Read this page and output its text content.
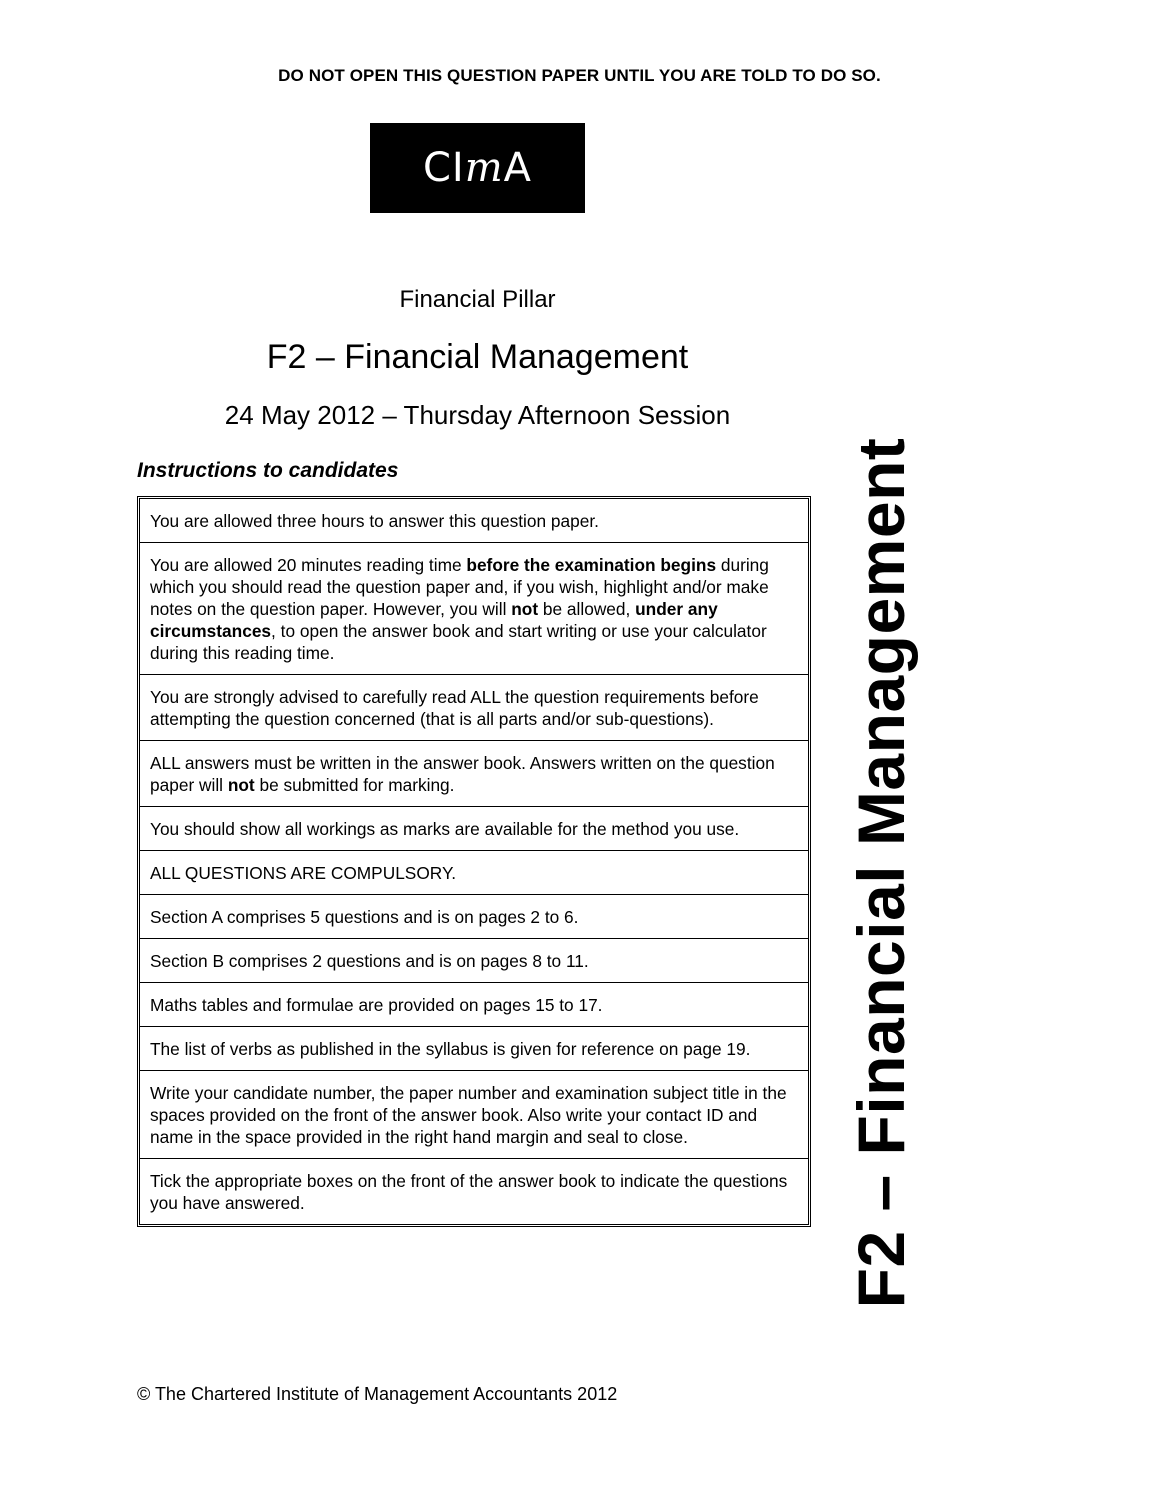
DO NOT OPEN THIS QUESTION PAPER UNTIL YOU ARE TOLD TO DO SO.
CI m A
Financial Pillar
F2 – Financial Management
24 May 2012 – Thursday Afternoon Session
Instructions to candidates
You are allowed three hours to answer this question paper.
You are allowed 20 minutes reading time before the examination begins during which you should read the question paper and, if you wish, highlight and/or make notes on the question paper. However, you will not be allowed, under any circumstances, to open the answer book and start writing or use your calculator during this reading time.
You are strongly advised to carefully read ALL the question requirements before attempting the question concerned (that is all parts and/or sub-questions).
ALL answers must be written in the answer book. Answers written on the question paper will not be submitted for marking.
You should show all workings as marks are available for the method you use.
ALL QUESTIONS ARE COMPULSORY.
Section A comprises 5 questions and is on pages 2 to 6.
Section B comprises 2 questions and is on pages 8 to 11.
Maths tables and formulae are provided on pages 15 to 17.
The list of verbs as published in the syllabus is given for reference on page 19.
Write your candidate number, the paper number and examination subject title in the spaces provided on the front of the answer book. Also write your contact ID and name in the space provided in the right hand margin and seal to close.
Tick the appropriate boxes on the front of the answer book to indicate the questions you have answered.	F2 – Financial Management
© The Chartered Institute of Management Accountants 2012
